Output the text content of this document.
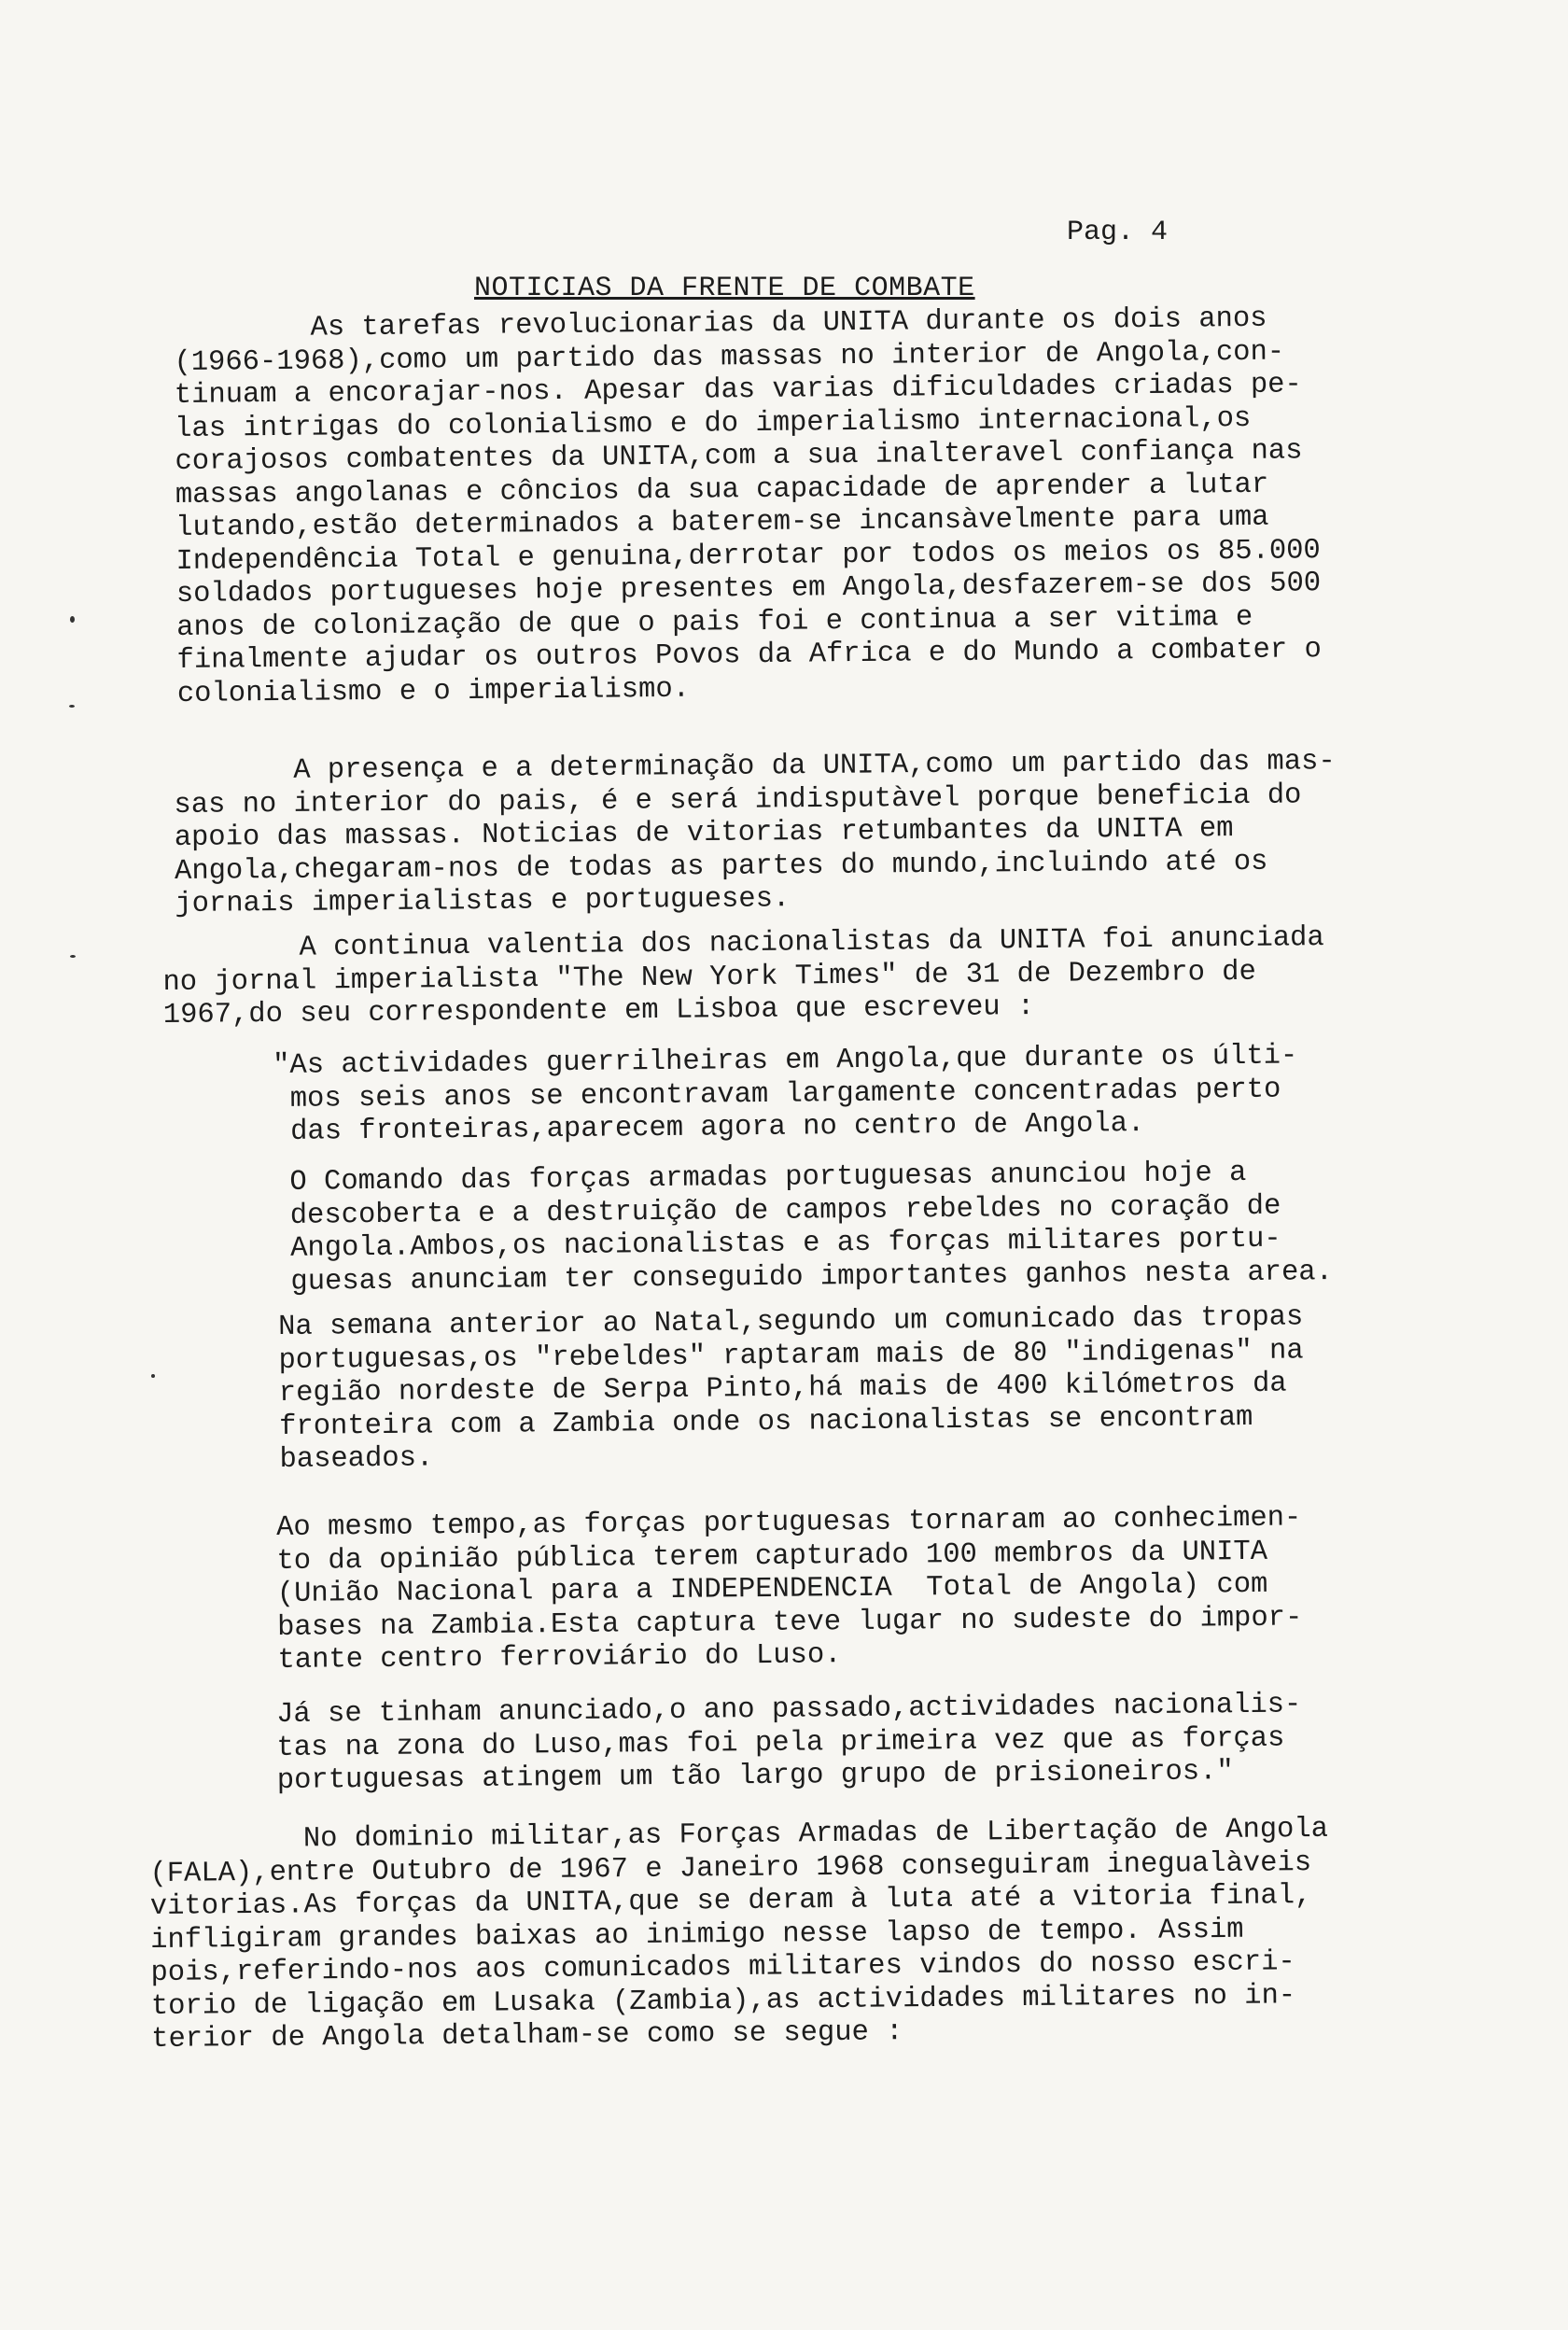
Pag. 4
NOTICIAS DA FRENTE DE COMBATE
As tarefas revolucionarias da UNITA durante os dois anos
(1966-1968),como um partido das massas no interior de Angola,con-
tinuam a encorajar-nos. Apesar das varias dificuldades criadas pe-
las intrigas do colonialismo e do imperialismo internacional,os
corajosos combatentes da UNITA,com a sua inalteravel confiança nas
massas angolanas e côncios da sua capacidade de aprender a lutar
lutando,estão determinados a baterem-se incansàvelmente para uma
Independência Total e genuina,derrotar por todos os meios os 85.000
soldados portugueses hoje presentes em Angola,desfazerem-se dos 500
anos de colonização de que o pais foi e continua a ser vitima e
finalmente ajudar os outros Povos da Africa e do Mundo a combater o
colonialismo e o imperialismo.
A presença e a determinação da UNITA,como um partido das mas-
sas no interior do pais, é e será indisputàvel porque beneficia do
apoio das massas. Noticias de vitorias retumbantes da UNITA em
Angola,chegaram-nos de todas as partes do mundo,incluindo até os
jornais imperialistas e portugueses.
A continua valentia dos nacionalistas da UNITA foi anunciada
no jornal imperialista "The New York Times" de 31 de Dezembro de
1967,do seu correspondente em Lisboa que escreveu :
"As actividades guerrilheiras em Angola,que durante os últi-
mos seis anos se encontravam largamente concentradas perto
das fronteiras,aparecem agora no centro de Angola.
O Comando das forças armadas portuguesas anunciou hoje a
descoberta e a destruição de campos rebeldes no coração de
Angola.Ambos,os nacionalistas e as forças militares portu-
guesas anunciam ter conseguido importantes ganhos nesta area.
Na semana anterior ao Natal,segundo um comunicado das tropas
portuguesas,os "rebeldes" raptaram mais de 80 "indigenas" na
região nordeste de Serpa Pinto,há mais de 400 kilómetros da
fronteira com a Zambia onde os nacionalistas se encontram
baseados.
Ao mesmo tempo,as forças portuguesas tornaram ao conhecimen-
to da opinião pública terem capturado 100 membros da UNITA
(União Nacional para a INDEPENDENCIA  Total de Angola) com
bases na Zambia.Esta captura teve lugar no sudeste do impor-
tante centro ferroviário do Luso.
Já se tinham anunciado,o ano passado,actividades nacionalis-
tas na zona do Luso,mas foi pela primeira vez que as forças
portuguesas atingem um tão largo grupo de prisioneiros."
No dominio militar,as Forças Armadas de Libertação de Angola
(FALA),entre Outubro de 1967 e Janeiro 1968 conseguiram inegualàveis
vitorias.As forças da UNITA,que se deram à luta até a vitoria final,
infligiram grandes baixas ao inimigo nesse lapso de tempo. Assim
pois,referindo-nos aos comunicados militares vindos do nosso escri-
torio de ligação em Lusaka (Zambia),as actividades militares no in-
terior de Angola detalham-se como se segue :
